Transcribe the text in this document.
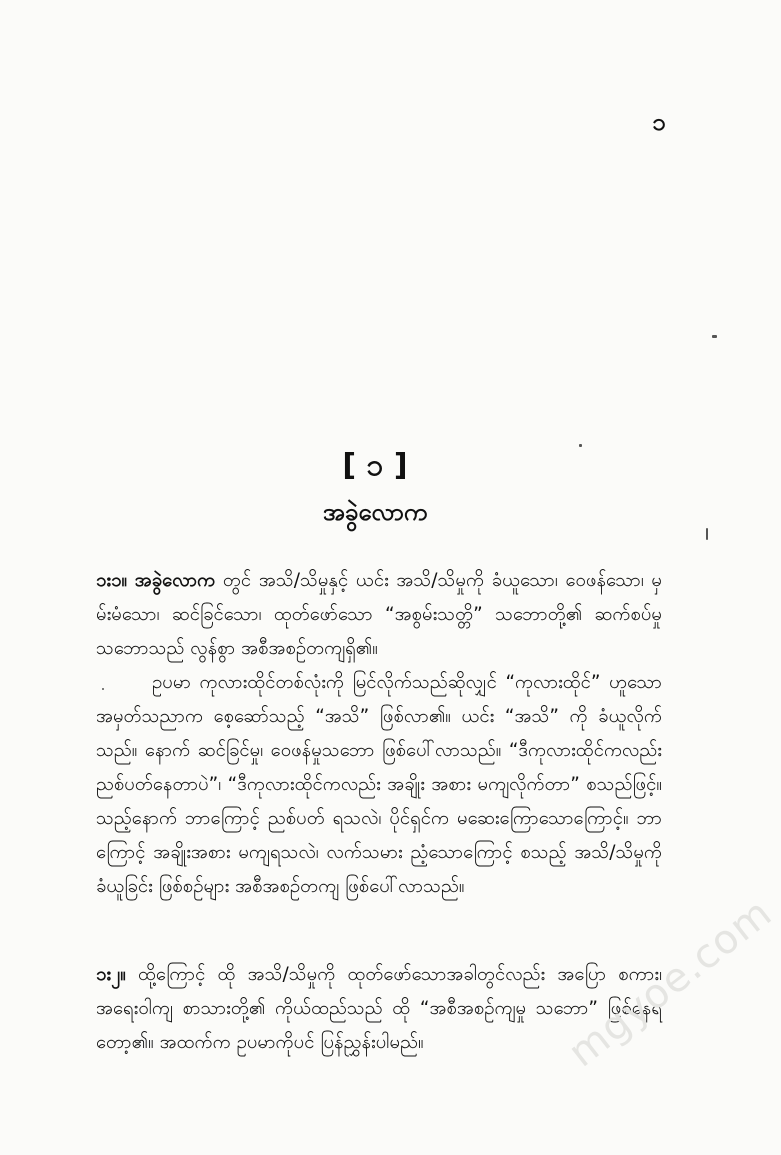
၁
[ ၁ ]
အခွဲလောက
၁း၁။ အခွဲလောက တွင် အသိ/သိမှုနှင့် ယင်း အသိ/သိမှုကို ခံယူသော၊ ဝေဖန်သော၊ မှမ်းမံသော၊ ဆင်ခြင်သော၊ ထုတ်ဖော်သော “အစွမ်းသတ္တိ” သဘောတို့၏ ဆက်စပ်မှုသဘောသည် လွန်စွာ အစီအစဉ်တကျရှိ၏။
ဥပမာ ကုလားထိုင်တစ်လုံးကို မြင်လိုက်သည်ဆိုလျှင် “ကုလားထိုင်” ဟူသော အမှတ်သညာက စေ့ဆော်သည့် “အသိ” ဖြစ်လာ၏။ ယင်း “အသိ” ကို ခံယူလိုက်သည်။ နောက် ဆင်ခြင်မှု၊ ဝေဖန်မှုသဘော ဖြစ်ပေါ်လာသည်။ “ဒီကုလားထိုင်ကလည်း ညစ်ပတ်နေတာပဲ”၊ “ဒီကုလားထိုင်ကလည်း အချိုး အစား မကျလိုက်တာ” စသည်ဖြင့်။ သည့်နောက် ဘာကြောင့် ညစ်ပတ် ရသလဲ၊ ပိုင်ရှင်က မဆေးကြောသောကြောင့်။ ဘာကြောင့် အချိုးအစား မကျရသလဲ၊ လက်သမား ညံ့သောကြောင့် စသည့် အသိ/သိမှုကို ခံယူခြင်း ဖြစ်စဉ်များ အစီအစဉ်တကျ ဖြစ်ပေါ်လာသည်။
၁း၂။ ထို့ကြောင့် ထို အသိ/သိမှုကို ထုတ်ဖော်သောအခါတွင်လည်း အပြော စကား၊ အရေးဝါကျ စာသားတို့၏ ကိုယ်ထည်သည် ထို “အစီအစဉ်ကျမှု သဘော” ဖြစ်နေရတော့၏။ အထက်က ဥပမာကိုပင် ပြန်ညွှန်းပါမည်။	mgyoe.com
